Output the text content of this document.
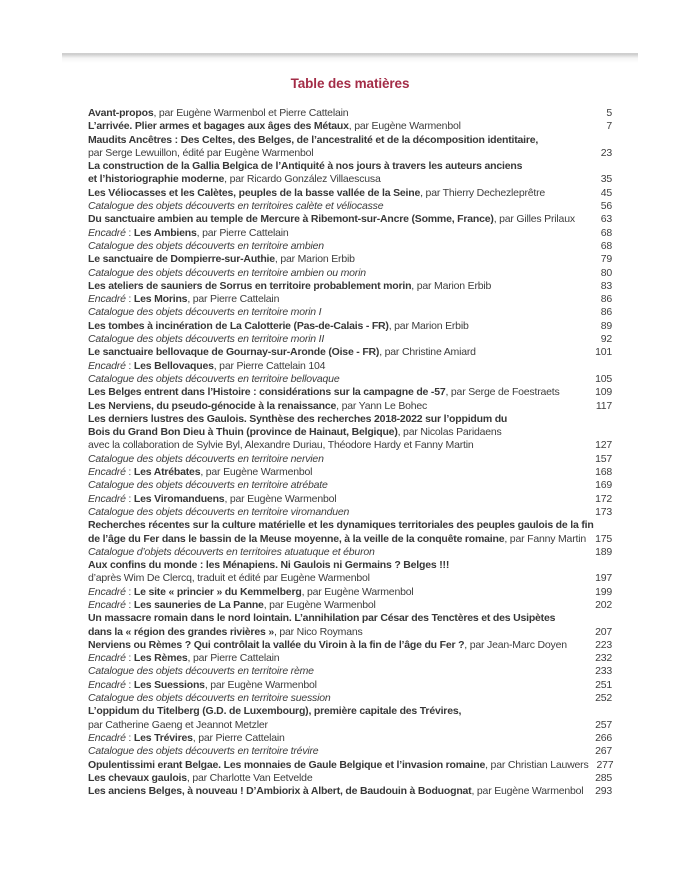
Table des matières
Avant-propos, par Eugène Warmenbol et Pierre Cattelain	5
L’arrivée. Plier armes et bagages aux âges des Métaux, par Eugène Warmenbol	7
Maudits Ancêtres : Des Celtes, des Belges, de l’ancestralité et de la décomposition identitaire,
par Serge Lewuillon, édité par Eugène Warmenbol	23
La construction de la Gallia Belgica de l’Antiquité à nos jours à travers les auteurs anciens
et l’historiographie moderne, par Ricardo González Villaescusa	35
Les Véliocasses et les Calètes, peuples de la basse vallée de la Seine, par Thierry Dechezleprêtre	45
Catalogue des objets découverts en territoires calète et véliocasse	56
Du sanctuaire ambien au temple de Mercure à Ribemont-sur-Ancre (Somme, France), par Gilles Prilaux	63
Encadré : Les Ambiens, par Pierre Cattelain	68
Catalogue des objets découverts en territoire ambien	68
Le sanctuaire de Dompierre-sur-Authie, par Marion Erbib	79
Catalogue des objets découverts en territoire ambien ou morin	80
Les ateliers de sauniers de Sorrus en territoire probablement morin, par Marion Erbib	83
Encadré : Les Morins, par Pierre Cattelain	86
Catalogue des objets découverts en territoire morin I	86
Les tombes à incinération de La Calotterie (Pas-de-Calais - FR), par Marion Erbib	89
Catalogue des objets découverts en territoire morin II	92
Le sanctuaire bellovaque de Gournay-sur-Aronde (Oise - FR), par Christine Amiard	101
Encadré : Les Bellovaques, par Pierre Cattelain 104
Catalogue des objets découverts en territoire bellovaque	105
Les Belges entrent dans l’Histoire : considérations sur la campagne de -57, par Serge de Foestraets	109
Les Nerviens, du pseudo-génocide à la renaissance, par Yann Le Bohec	117
Les derniers lustres des Gaulois. Synthèse des recherches 2018-2022 sur l’oppidum du
Bois du Grand Bon Dieu à Thuin (province de Hainaut, Belgique), par Nicolas Paridaens
avec la collaboration de Sylvie Byl, Alexandre Duriau, Théodore Hardy et Fanny Martin	127
Catalogue des objets découverts en territoire nervien	157
Encadré : Les Atrébates, par Eugène Warmenbol	168
Catalogue des objets découverts en territoire atrébate	169
Encadré : Les Viromanduens, par Eugène Warmenbol	172
Catalogue des objets découverts en territoire viromanduen	173
Recherches récentes sur la culture matérielle et les dynamiques territoriales des peuples gaulois de la fin
de l’âge du Fer dans le bassin de la Meuse moyenne, à la veille de la conquête romaine, par Fanny Martin 175
Catalogue d’objets découverts en territoires atuatuque et éburon	189
Aux confins du monde : les Ménapiens. Ni Gaulois ni Germains ? Belges !!!
d’après Wim De Clercq, traduit et édité par Eugène Warmenbol	197
Encadré : Le site « princier » du Kemmelberg, par Eugène Warmenbol	199
Encadré : Les sauneries de La Panne, par Eugène Warmenbol	202
Un massacre romain dans le nord lointain. L’annihilation par César des Tenctères et des Usipètes
dans la « région des grandes rivières », par Nico Roymans	207
Nerviens ou Rèmes ? Qui contrôlait la vallée du Viroin à la fin de l’âge du Fer ?, par Jean-Marc Doyen	223
Encadré : Les Rèmes, par Pierre Cattelain	232
Catalogue des objets découverts en territoire rème	233
Encadré : Les Suessions, par Eugène Warmenbol	251
Catalogue des objets découverts en territoire suession	252
L’oppidum du Titelberg (G.D. de Luxembourg), première capitale des Trévires,
par Catherine Gaeng et Jeannot Metzler	257
Encadré : Les Trévires, par Pierre Cattelain	266
Catalogue des objets découverts en territoire trévire	267
Opulentissimi erant Belgae. Les monnaies de Gaule Belgique et l’invasion romaine, par Christian Lauwers 277
Les chevaux gaulois, par Charlotte Van Eetvelde	285
Les anciens Belges, à nouveau ! D’Ambiorix à Albert, de Baudouin à Boduognat, par Eugène Warmenbol	293
